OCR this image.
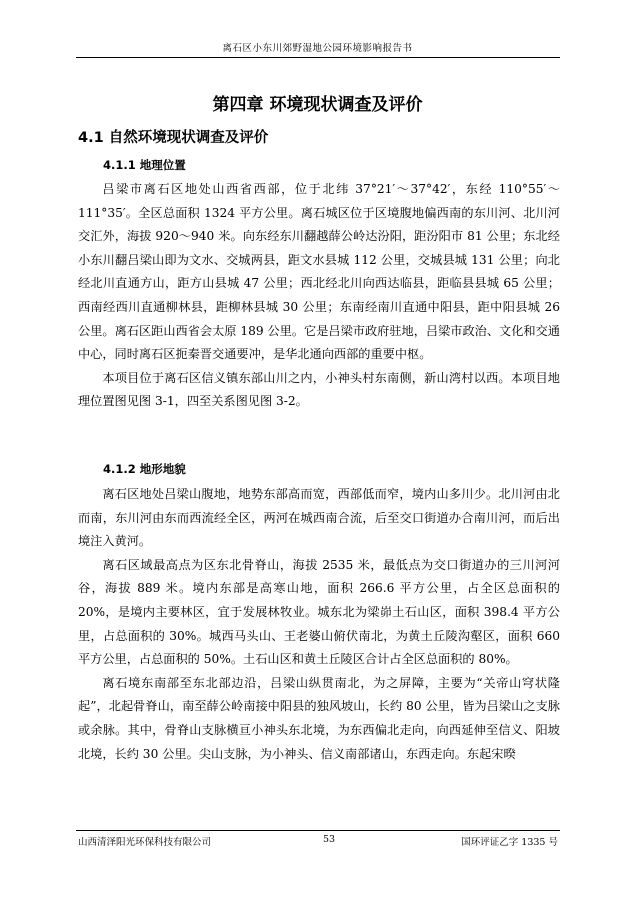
离石区小东川郊野湿地公园环境影响报告书
第四章 环境现状调查及评价
4.1 自然环境现状调查及评价
4.1.1 地理位置

吕梁市离石区地处山西省西部，位于北纬 37°21′～37°42′，东经 110°55′～111°35′。全区总面积 1324 平方公里。离石城区位于区境腹地偏西南的东川河、北川河交汇外，海拔 920～940 米。向东经东川翻越薛公岭达汾阳，距汾阳市 81 公里；东北经小东川翻吕梁山即为文水、交城两县，距文水县城 112 公里，交城县城 131 公里；向北经北川直通方山，距方山县城 47 公里；西北经北川向西达临县，距临县县城 65 公里；西南经西川直通柳林县，距柳林县城 30 公里；东南经南川直通中阳县，距中阳县城 26 公里。离石区距山西省会太原 189 公里。它是吕梁市政府驻地，吕梁市政治、文化和交通中心，同时离石区扼秦晋交通要冲，是华北通向西部的重要中枢。

本项目位于离石区信义镇东部山川之内，小神头村东南侧，新山湾村以西。本项目地理位置图见图 3-1，四至关系图见图 3-2。

4.1.2 地形地貌

离石区地处吕梁山腹地，地势东部高而宽，西部低而窄，境内山多川少。北川河由北而南，东川河由东而西流经全区，两河在城西南合流，后至交口街道办合南川河，而后出境注入黄河。

离石区域最高点为区东北骨脊山，海拔 2535 米，最低点为交口街道办的三川河河谷，海拔 889 米。境内东部是高寒山地，面积 266.6 平方公里，占全区总面积的 20%，是境内主要林区，宜于发展林牧业。城东北为梁峁土石山区，面积 398.4 平方公里，占总面积的 30%。城西马头山、王老婆山俯伏南北，为黄土丘陵沟壑区，面积 660 平方公里，占总面积的 50%。土石山区和黄土丘陵区合计占全区总面积的 80%。

离石境东南部至东北部边沿，吕梁山纵贯南北，为之屏障，主要为“关帝山穹状隆起”，北起骨脊山，南至薛公岭南接中阳县的独风坡山，长约 80 公里，皆为吕梁山之支脉或余脉。其中，骨脊山支脉横亘小神头东北境，为东西偏北走向，向西延伸至信义、阳坡北境，长约 30 公里。尖山支脉，为小神头、信义南部诸山，东西走向。东起宋暌

山西清泽阳光环保科技有限公司	53	国环评证乙字 1335 号
